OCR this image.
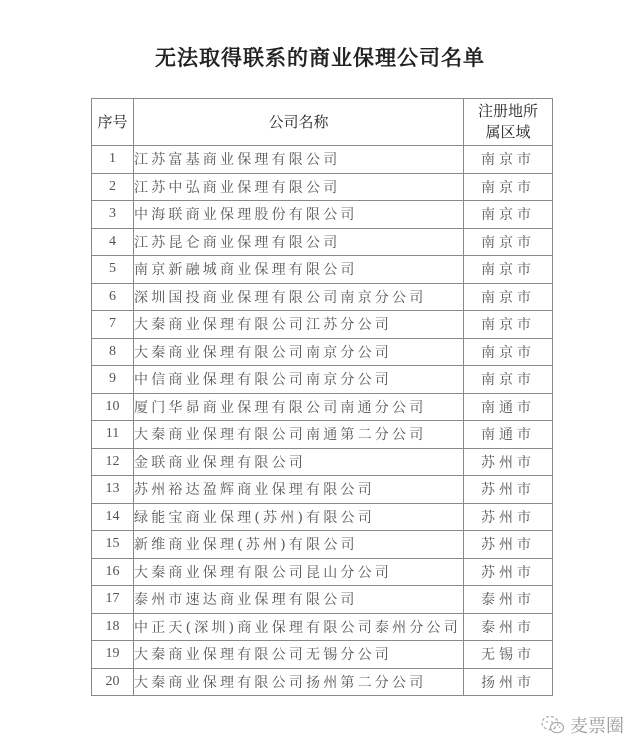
无法取得联系的商业保理公司名单
序号	公司名称	注册地所
属区域

1	江苏富基商业保理有限公司	南京市
2	江苏中弘商业保理有限公司	南京市
3	中海联商业保理股份有限公司	南京市
4	江苏昆仑商业保理有限公司	南京市
5	南京新融城商业保理有限公司	南京市
6	深圳国投商业保理有限公司南京分公司	南京市
7	大秦商业保理有限公司江苏分公司	南京市
8	大秦商业保理有限公司南京分公司	南京市
9	中信商业保理有限公司南京分公司	南京市
10	厦门华昴商业保理有限公司南通分公司	南通市
11	大秦商业保理有限公司南通第二分公司	南通市
12	金联商业保理有限公司	苏州市
13	苏州裕达盈辉商业保理有限公司	苏州市
14	绿能宝商业保理(苏州)有限公司	苏州市
15	新维商业保理(苏州)有限公司	苏州市
16	大秦商业保理有限公司昆山分公司	苏州市
17	泰州市速达商业保理有限公司	泰州市
18	中正天(深圳)商业保理有限公司泰州分公司	泰州市
19	大秦商业保理有限公司无锡分公司	无锡市
20	大秦商业保理有限公司扬州第二分公司	扬州市
麦票圈
